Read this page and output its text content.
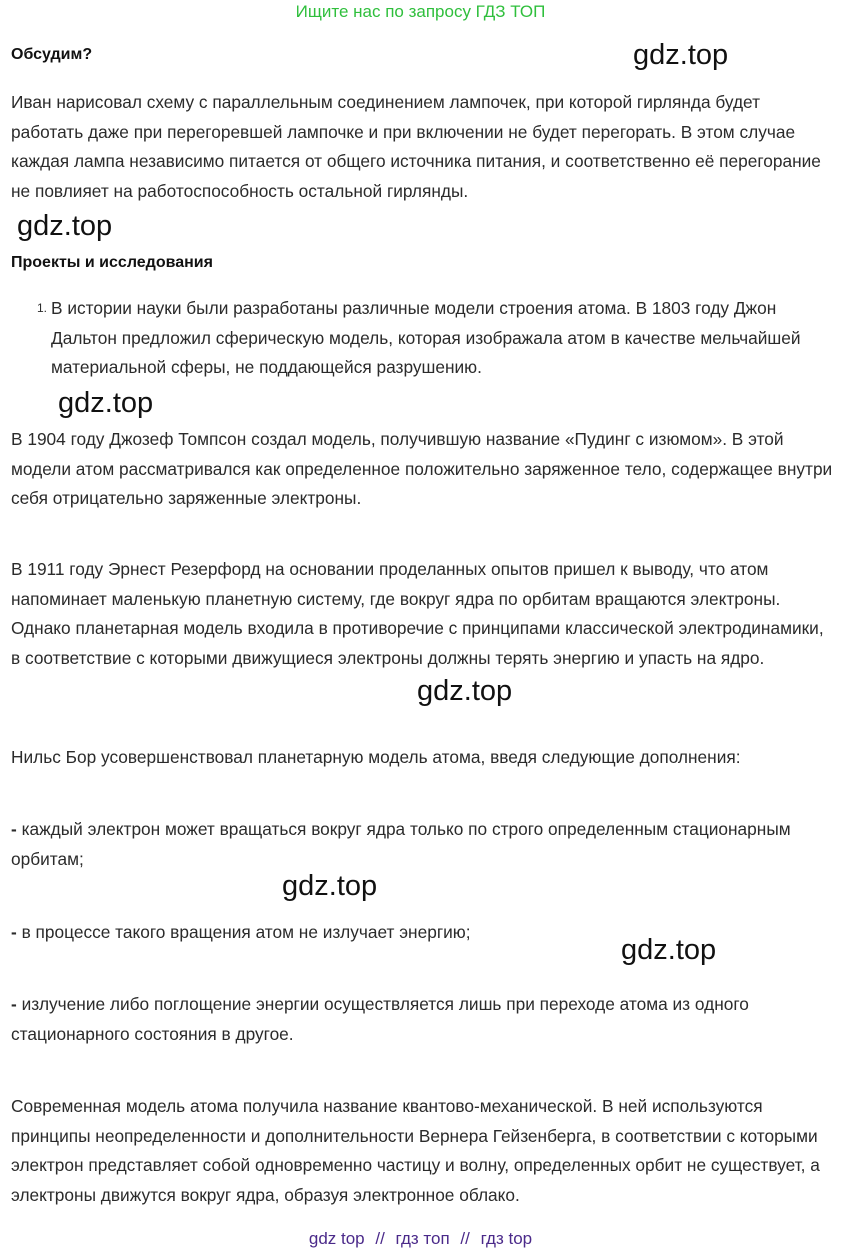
Ищите нас по запросу ГДЗ ТОП
Обсудим?	gdz.top
Иван нарисовал схему с параллельным соединением лампочек, при которой гирлянда будет работать даже при перегоревшей лампочке и при включении не будет перегорать. В этом случае каждая лампа независимо питается от общего источника питания, и соответственно её перегорание не повлияет на работоспособность остальной гирлянды.
gdz.top
Проекты и исследования
1. В истории науки были разработаны различные модели строения атома. В 1803 году Джон Дальтон предложил сферическую модель, которая изображала атом в качестве мельчайшей материальной сферы, не поддающейся разрушению.
gdz.top
В 1904 году Джозеф Томпсон создал модель, получившую название «Пудинг с изюмом». В этой модели атом рассматривался как определенное положительно заряженное тело, содержащее внутри себя отрицательно заряженные электроны.
В 1911 году Эрнест Резерфорд на основании проделанных опытов пришел к выводу, что атом напоминает маленькую планетную систему, где вокруг ядра по орбитам вращаются электроны. Однако планетарная модель входила в противоречие с принципами классической электродинамики, в соответствие с которыми движущиеся электроны должны терять энергию и упасть на ядро.
gdz.top
Нильс Бор усовершенствовал планетарную модель атома, введя следующие дополнения:
- каждый электрон может вращаться вокруг ядра только по строго определенным стационарным орбитам;
gdz.top
- в процессе такого вращения атом не излучает энергию;
gdz.top
- излучение либо поглощение энергии осуществляется лишь при переходе атома из одного стационарного состояния в другое.
Современная модель атома получила название квантово-механической. В ней используются принципы неопределенности и дополнительности Вернера Гейзенберга, в соответствии с которыми электрон представляет собой одновременно частицу и волну, определенных орбит не существует, а электроны движутся вокруг ядра, образуя электронное облако.
gdz top // гдз топ // гдз top
